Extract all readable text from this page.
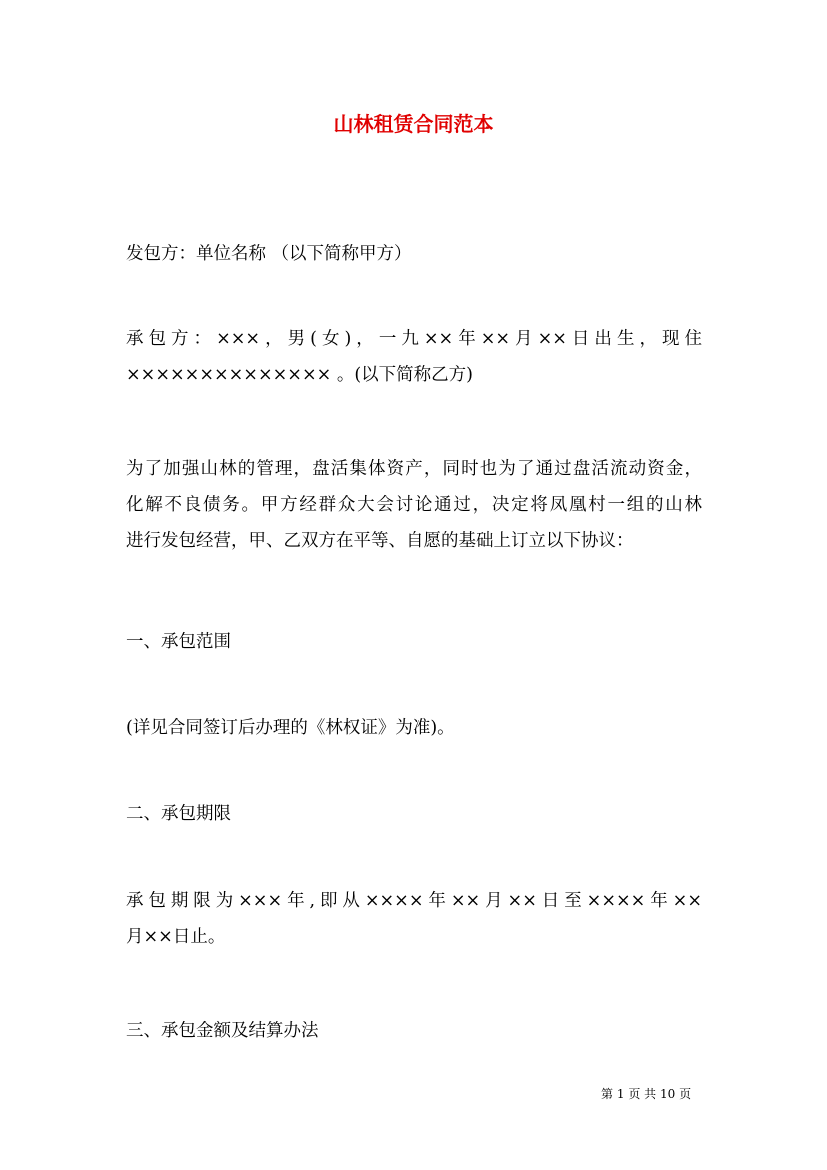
山林租赁合同范本
发包方：单位名称 （以下简称甲方）
承包方：×××，男(女)，一九××年××月××日出生，现住
×××××××××××××× 。(以下简称乙方)
为了加强山林的管理，盘活集体资产，同时也为了通过盘活流动资金，
化解不良债务。甲方经群众大会讨论通过，决定将凤凰村一组的山林
进行发包经营，甲、乙双方在平等、自愿的基础上订立以下协议：
一、承包范围
(详见合同签订后办理的《林权证》为准)。
二、承包期限
承包期限为×××年,即从××××年××月××日至××××年××
月××日止。
三、承包金额及结算办法
第 1 页 共 10 页
